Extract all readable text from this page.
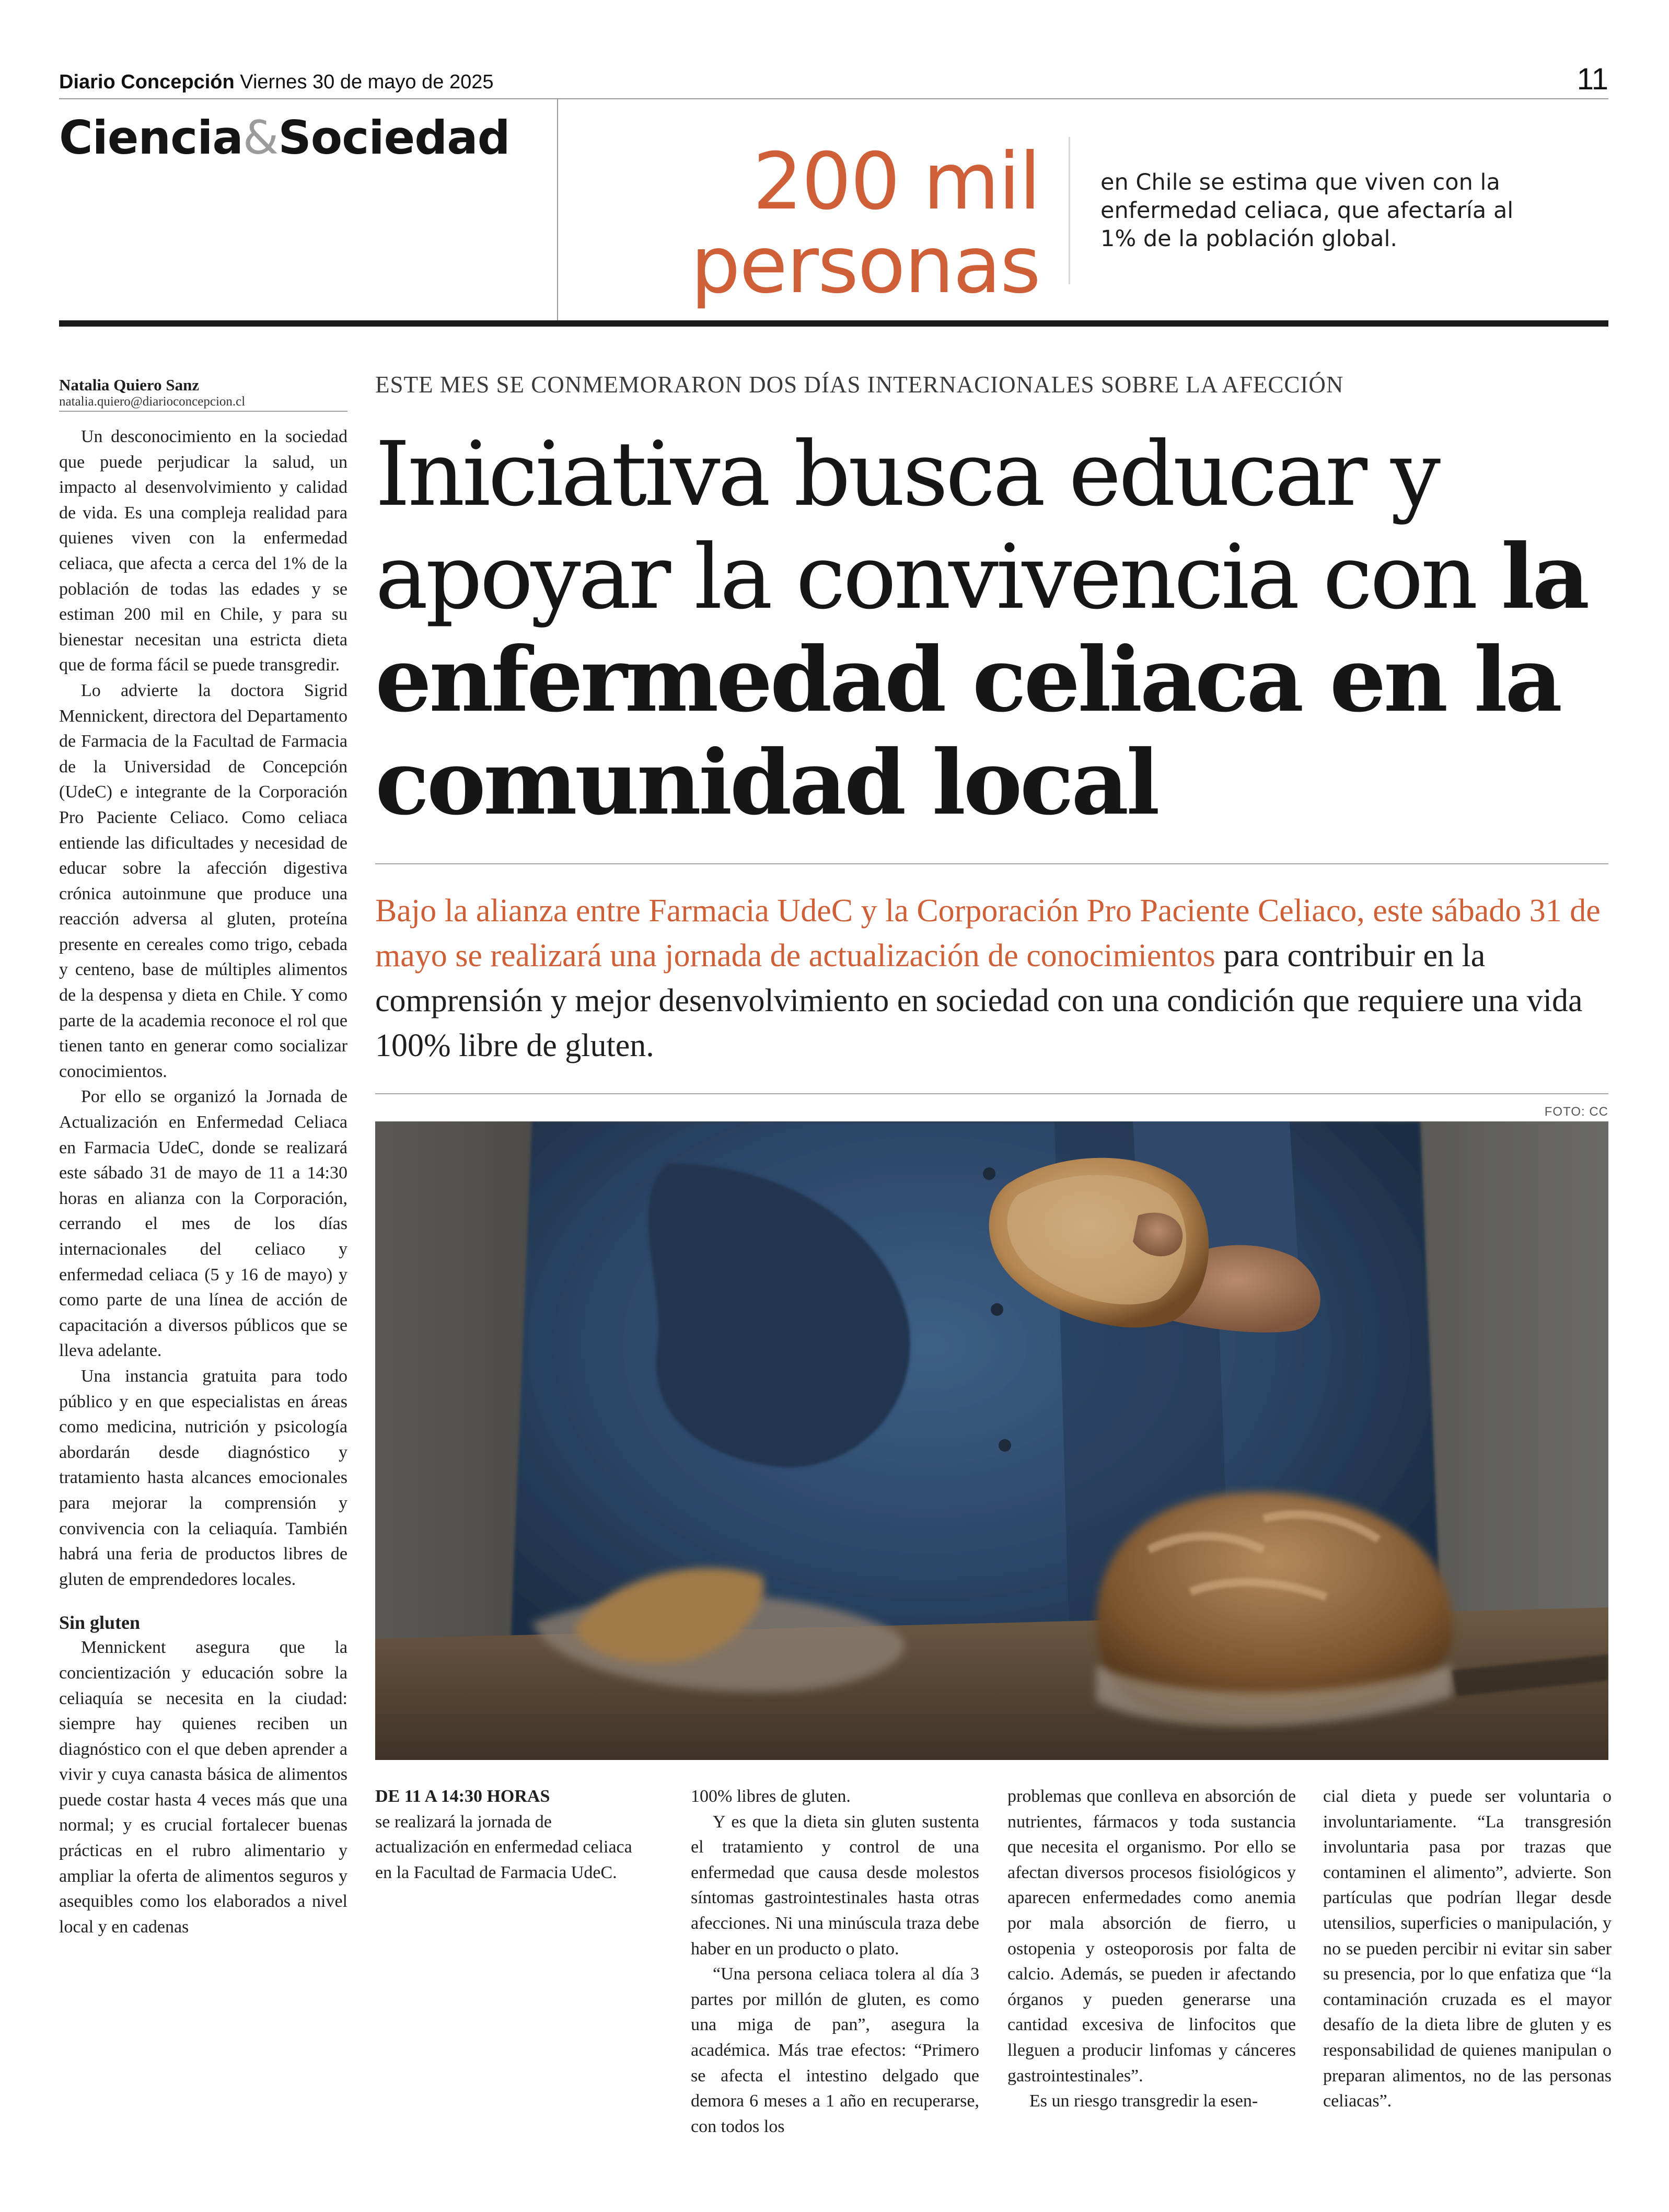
Diario Concepción Viernes 30 de mayo de 2025	11
Ciencia&Sociedad	200 mil
personas
en Chile se estima que viven con la enfermedad celiaca, que afectaría al 1% de la población global.
Natalia Quiero Sanz
natalia.quiero@diarioconcepcion.cl

Un desconocimiento en la sociedad que puede perjudicar la salud, un impacto al desenvolvimiento y calidad de vida. Es una compleja realidad para quienes viven con la enfermedad celiaca, que afecta a cerca del 1% de la población de todas las edades y se estiman 200 mil en Chile, y para su bienestar necesitan una estricta dieta que de forma fácil se puede transgredir.

Lo advierte la doctora Sigrid Mennickent, directora del Departamento de Farmacia de la Facultad de Farmacia de la Universidad de Concepción (UdeC) e integrante de la Corporación Pro Paciente Celiaco. Como celiaca entiende las dificultades y necesidad de educar sobre la afección digestiva crónica autoinmune que produce una reacción adversa al gluten, proteína presente en cereales como trigo, cebada y centeno, base de múltiples alimentos de la despensa y dieta en Chile. Y como parte de la academia reconoce el rol que tienen tanto en generar como socializar conocimientos.

Por ello se organizó la Jornada de Actualización en Enfermedad Celiaca en Farmacia UdeC, donde se realizará este sábado 31 de mayo de 11 a 14:30 horas en alianza con la Corporación, cerrando el mes de los días internacionales del celiaco y enfermedad celiaca (5 y 16 de mayo) y como parte de una línea de acción de capacitación a diversos públicos que se lleva adelante.

Una instancia gratuita para todo público y en que especialistas en áreas como medicina, nutrición y psicología abordarán desde diagnóstico y tratamiento hasta alcances emocionales para mejorar la comprensión y convivencia con la celiaquía. También habrá una feria de productos libres de gluten de emprendedores locales.

Sin gluten

Mennickent asegura que la concientización y educación sobre la celiaquía se necesita en la ciudad: siempre hay quienes reciben un diagnóstico con el que deben aprender a vivir y cuya canasta básica de alimentos puede costar hasta 4 veces más que una normal; y es crucial fortalecer buenas prácticas en el rubro alimentario y ampliar la oferta de alimentos seguros y asequibles como los elaborados a nivel local y en cadenas

ESTE MES SE CONMEMORARON DOS DÍAS INTERNACIONALES SOBRE LA AFECCIÓN
Iniciativa busca educar y apoyar la convivencia con la enfermedad celiaca en la comunidad local
Bajo la alianza entre Farmacia UdeC y la Corporación Pro Paciente Celiaco, este sábado 31 de mayo se realizará una jornada de actualización de conocimientos para contribuir en la comprensión y mejor desenvolvimiento en sociedad con una condición que requiere una vida 100% libre de gluten.
FOTO: CC
DE 11 A 14:30 HORAS
se realizará la jornada de actualización en enfermedad celiaca en la Facultad de Farmacia UdeC.

100% libres de gluten.

Y es que la dieta sin gluten sustenta el tratamiento y control de una enfermedad que causa desde molestos síntomas gastrointestinales hasta otras afecciones. Ni una minúscula traza debe haber en un producto o plato.

“Una persona celiaca tolera al día 3 partes por millón de gluten, es como una miga de pan”, asegura la académica. Más trae efectos: “Primero se afecta el intestino delgado que demora 6 meses a 1 año en recuperarse, con todos los

problemas que conlleva en absorción de nutrientes, fármacos y toda sustancia que necesita el organismo. Por ello se afectan diversos procesos fisiológicos y aparecen enfermedades como anemia por mala absorción de fierro, u ostopenia y osteoporosis por falta de calcio. Además, se pueden ir afectando órganos y pueden generarse una cantidad excesiva de linfocitos que lleguen a producir linfomas y cánceres gastrointestinales”.

Es un riesgo transgredir la esen-

cial dieta y puede ser voluntaria o involuntariamente. “La transgresión involuntaria pasa por trazas que contaminen el alimento”, advierte. Son partículas que podrían llegar desde utensilios, superficies o manipulación, y no se pueden percibir ni evitar sin saber su presencia, por lo que enfatiza que “la contaminación cruzada es el mayor desafío de la dieta libre de gluten y es responsabilidad de quienes manipulan o preparan alimentos, no de las personas celiacas”.
